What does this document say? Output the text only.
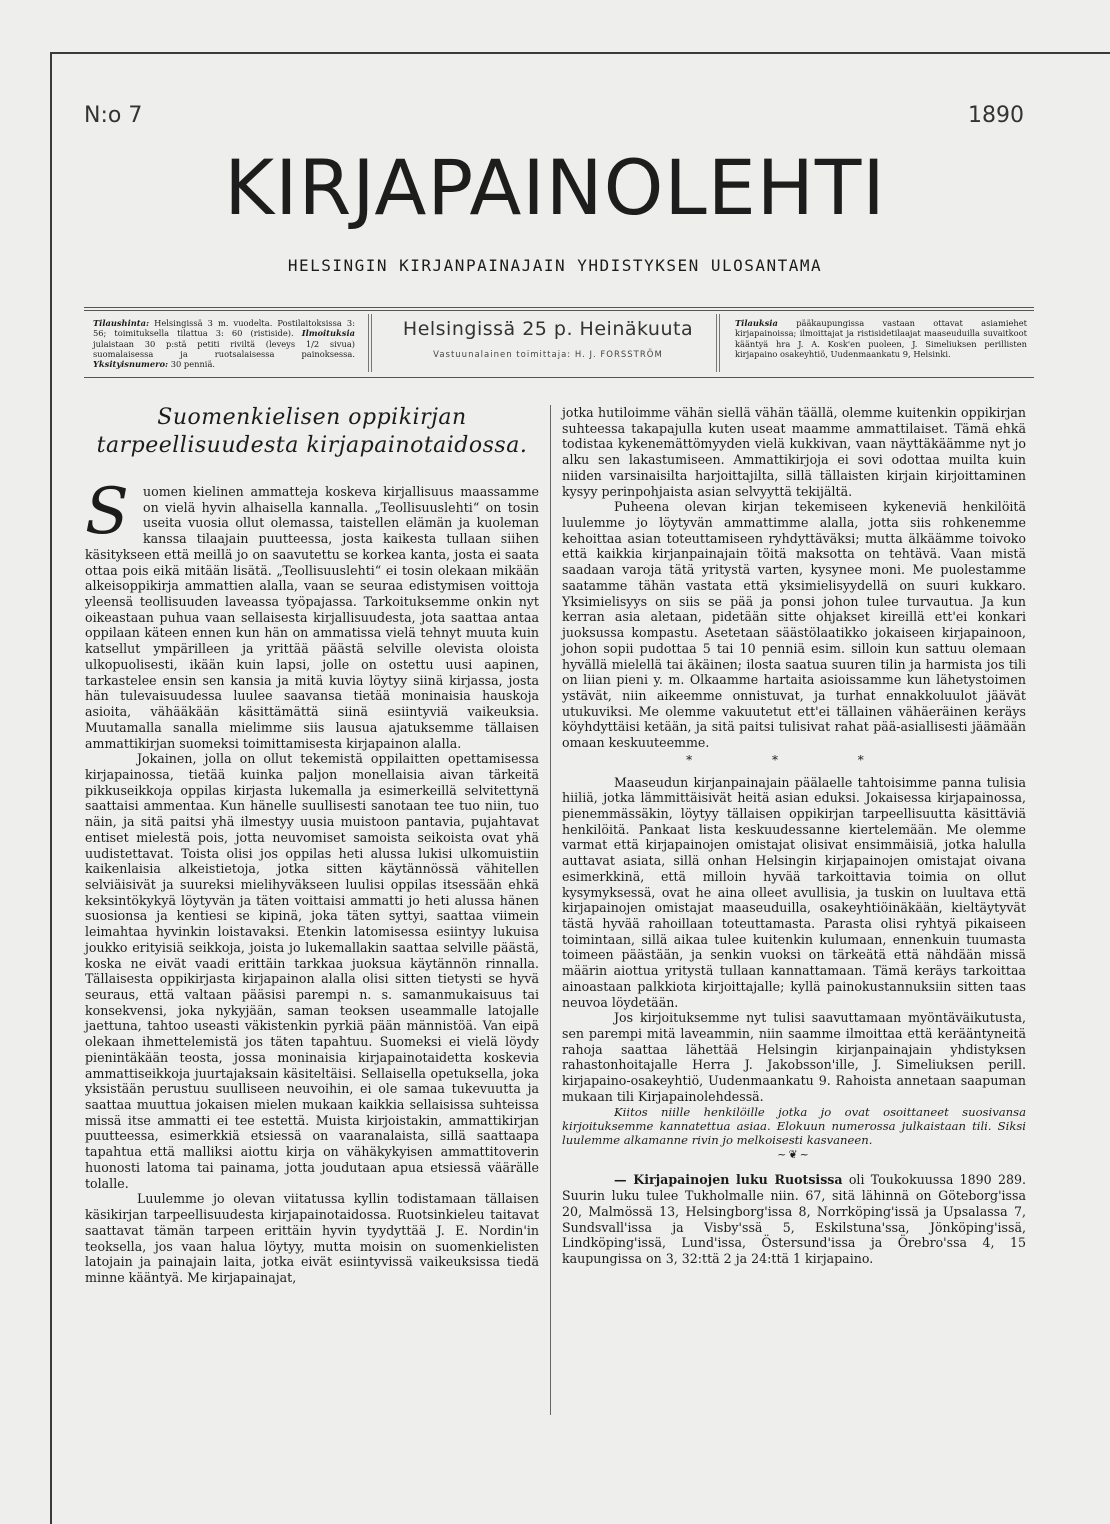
N:o 7	1890
KIRJAPAINOLEHTI
HELSINGIN KIRJANPAINAJAIN YHDISTYKSEN ULOSANTAMA
Tilaushinta: Helsingissä 3 m. vuodelta. Postilaitoksissa 3: 56; toimituksella tilattua 3: 60 (ristiside). Ilmoituksia julaistaan 30 p:stä petiti riviltä (leveys 1/2 sivua) suomalaisessa ja ruotsalaisessa painoksessa. Yksityisnumero: 30 penniä.
Helsingissä 25 p. Heinäkuuta
Vastuunalainen toimittaja: H. J. FORSSTRÖM
Tilauksia pääkaupungissa vastaan ottavat asiamiehet kirjapainoissa; ilmoittajat ja ristisidetilaajat maaseuduilla suvaitkoot kääntyä hra J. A. Kosk'en puoleen, J. Simeliuksen perillisten kirjapaino osakeyhtiö, Uudenmaankatu 9, Helsinki.
Suomenkielisen oppikirjan tarpeellisuudesta kirjapainotaidossa.

S	uomen kielinen ammatteja koskeva kirjallisuus maassamme on vielä hyvin alhaisella kannalla. „Teollisuuslehti“ on tosin useita vuosia ollut olemassa, taistellen elämän ja kuoleman kanssa tilaajain puutteessa, josta kaikesta tullaan siihen käsitykseen että meillä jo on saavutettu se korkea kanta, josta ei saata ottaa pois eikä mitään lisätä. „Teollisuuslehti“ ei tosin olekaan mikään alkeisoppikirja ammattien alalla, vaan se seuraa edistymisen voittoja yleensä teollisuuden laveassa työpajassa. Tarkoituksemme onkin nyt oikeastaan puhua vaan sellaisesta kirjallisuudesta, jota saattaa antaa oppilaan käteen ennen kun hän on ammatissa vielä tehnyt muuta kuin katsellut ympärilleen ja yrittää päästä selville olevista oloista ulkopuolisesti, ikään kuin lapsi, jolle on ostettu uusi aapinen, tarkastelee ensin sen kansia ja mitä kuvia löytyy siinä kirjassa, josta hän tulevaisuudessa luulee saavansa tietää moninaisia hauskoja asioita, vähääkään käsittämättä siinä esiintyviä vaikeuksia. Muutamalla sanalla mielimme siis lausua ajatuksemme tällaisen ammattikirjan suomeksi toimittamisesta kirjapainon alalla.

Jokainen, jolla on ollut tekemistä oppilaitten opettamisessa kirjapainossa, tietää kuinka paljon monellaisia aivan tärkeitä pikkuseikkoja oppilas kirjasta lukemalla ja esimerkeillä selvitettynä saattaisi ammentaa. Kun hänelle suullisesti sanotaan tee tuo niin, tuo näin, ja sitä paitsi yhä ilmestyy uusia muistoon pantavia, pujahtavat entiset mielestä pois, jotta neuvomiset samoista seikoista ovat yhä uudistettavat. Toista olisi jos oppilas heti alussa lukisi ulkomuistiin kaikenlaisia alkeistietoja, jotka sitten käytännössä vähitellen selviäisivät ja suureksi mielihyväkseen luulisi oppilas itsessään ehkä keksintökykyä löytyvän ja täten voittaisi ammatti jo heti alussa hänen suosionsa ja kentiesi se kipinä, joka täten syttyi, saattaa viimein leimahtaa hyvinkin loistavaksi. Etenkin latomisessa esiintyy lukuisa joukko erityisiä seikkoja, joista jo lukemallakin saattaa selville päästä, koska ne eivät vaadi erittäin tarkkaa juoksua käytännön rinnalla. Tällaisesta oppikirjasta kirjapainon alalla olisi sitten tietysti se hyvä seuraus, että valtaan pääsisi parempi n. s. samanmukaisuus tai konsekvensi, joka nykyjään, saman teoksen useammalle latojalle jaettuna, tahtoo useasti väkistenkin pyrkiä pään männistöä. Van eipä olekaan ihmettelemistä jos täten tapahtuu. Suomeksi ei vielä löydy pienintäkään teosta, jossa moninaisia kirjapainotaidetta koskevia ammattiseikkoja juurtajaksain käsiteltäisi. Sellaisella opetuksella, joka yksistään perustuu suulliseen neuvoihin, ei ole samaa tukevuutta ja saattaa muuttua jokaisen mielen mukaan kaikkia sellaisissa suhteissa missä itse ammatti ei tee estettä. Muista kirjoistakin, ammattikirjan puutteessa, esimerkkiä etsiessä on vaaranalaista, sillä saattaapa tapahtua että malliksi aiottu kirja on vähäkykyisen ammattitoverin huonosti latoma tai painama, jotta joudutaan apua etsiessä väärälle tolalle.

Luulemme jo olevan viitatussa kyllin todistamaan tällaisen käsikirjan tarpeellisuudesta kirjapainotaidossa. Ruotsinkieleu taitavat saattavat tämän tarpeen erittäin hyvin tyydyttää J. E. Nordin'in teoksella, jos vaan halua löytyy, mutta moisin on suomenkielisten latojain ja painajain laita, jotka eivät esiintyvissä vaikeuksissa tiedä minne kääntyä. Me kirjapainajat,

jotka hutiloimme vähän siellä vähän täällä, olemme kuitenkin oppikirjan suhteessa takapajulla kuten useat maamme ammattilaiset. Tämä ehkä todistaa kykenemättömyyden vielä kukkivan, vaan näyttäkäämme nyt jo alku sen lakastumiseen. Ammattikirjoja ei sovi odottaa muilta kuin niiden varsinaisilta harjoittajilta, sillä tällaisten kirjain kirjoittaminen kysyy perinpohjaista asian selvyyttä tekijältä.

Puheena olevan kirjan tekemiseen kykeneviä henkilöitä luulemme jo löytyvän ammattimme alalla, jotta siis rohkenemme kehoittaa asian toteuttamiseen ryhdyttäväksi; mutta älkäämme toivoko että kaikkia kirjanpainajain töitä maksotta on tehtävä. Vaan mistä saadaan varoja tätä yritystä varten, kysynee moni. Me puolestamme saatamme tähän vastata että yksimielisyydellä on suuri kukkaro. Yksimielisyys on siis se pää ja ponsi johon tulee turvautua. Ja kun kerran asia aletaan, pidetään sitte ohjakset kireillä ett'ei konkari juoksussa kompastu. Asetetaan säästölaatikko jokaiseen kirjapainoon, johon sopii pudottaa 5 tai 10 penniä esim. silloin kun sattuu olemaan hyvällä mielellä tai äkäinen; ilosta saatua suuren tilin ja harmista jos tili on liian pieni y. m. Olkaamme hartaita asioissamme kun lähetystoimen ystävät, niin aikeemme onnistuvat, ja turhat ennakkoluulot jäävät utukuviksi. Me olemme vakuutetut ett'ei tällainen vähäeräinen keräys köyhdyttäisi ketään, ja sitä paitsi tulisivat rahat pää-asiallisesti jäämään omaan keskuuteemme.

* * *

Maaseudun kirjanpainajain päälaelle tahtoisimme panna tulisia hiiliä, jotka lämmittäisivät heitä asian eduksi. Jokaisessa kirjapainossa, pienemmässäkin, löytyy tällaisen oppikirjan tarpeellisuutta käsittäviä henkilöitä. Pankaat lista keskuudessanne kiertelemään. Me olemme varmat että kirjapainojen omistajat olisivat ensimmäisiä, jotka halulla auttavat asiata, sillä onhan Helsingin kirjapainojen omistajat oivana esimerkkinä, että milloin hyvää tarkoittavia toimia on ollut kysymyksessä, ovat he aina olleet avullisia, ja tuskin on luultava että kirjapainojen omistajat maaseuduilla, osakeyhtiöinäkään, kieltäytyvät tästä hyvää rahoillaan toteuttamasta. Parasta olisi ryhtyä pikaiseen toimintaan, sillä aikaa tulee kuitenkin kulumaan, ennenkuin tuumasta toimeen päästään, ja senkin vuoksi on tärkeätä että nähdään missä määrin aiottua yritystä tullaan kannattamaan. Tämä keräys tarkoittaa ainoastaan palkkiota kirjoittajalle; kyllä painokustannuksiin sitten taas neuvoa löydetään.

Jos kirjoituksemme nyt tulisi saavuttamaan myöntäväikutusta, sen parempi mitä laveammin, niin saamme ilmoittaa että kerääntyneitä rahoja saattaa lähettää Helsingin kirjanpainajain yhdistyksen rahastonhoitajalle Herra J. Jakobsson'ille, J. Simeliuksen perill. kirjapaino-osakeyhtiö, Uudenmaankatu 9. Rahoista annetaan saapuman mukaan tili Kirjapainolehdessä.

Kiitos niille henkilöille jotka jo ovat osoittaneet suosivansa kirjoituksemme kannatettua asiaa. Elokuun numerossa julkaistaan tili. Siksi luulemme alkamanne rivin jo melkoisesti kasvaneen.

~❦~

— Kirjapainojen luku Ruotsissa oli Toukokuussa 1890 289. Suurin luku tulee Tukholmalle niin. 67, sitä lähinnä on Göteborg'issa 20, Malmössä 13, Helsingborg'issa 8, Norrköping'issä ja Upsalassa 7, Sundsvall'issa ja Visby'ssä 5, Eskilstuna'ssa, Jönköping'issä, Lindköping'issä, Lund'issa, Östersund'issa ja Örebro'ssa 4, 15 kaupungissa on 3, 32:ttä 2 ja 24:ttä 1 kirjapaino.
